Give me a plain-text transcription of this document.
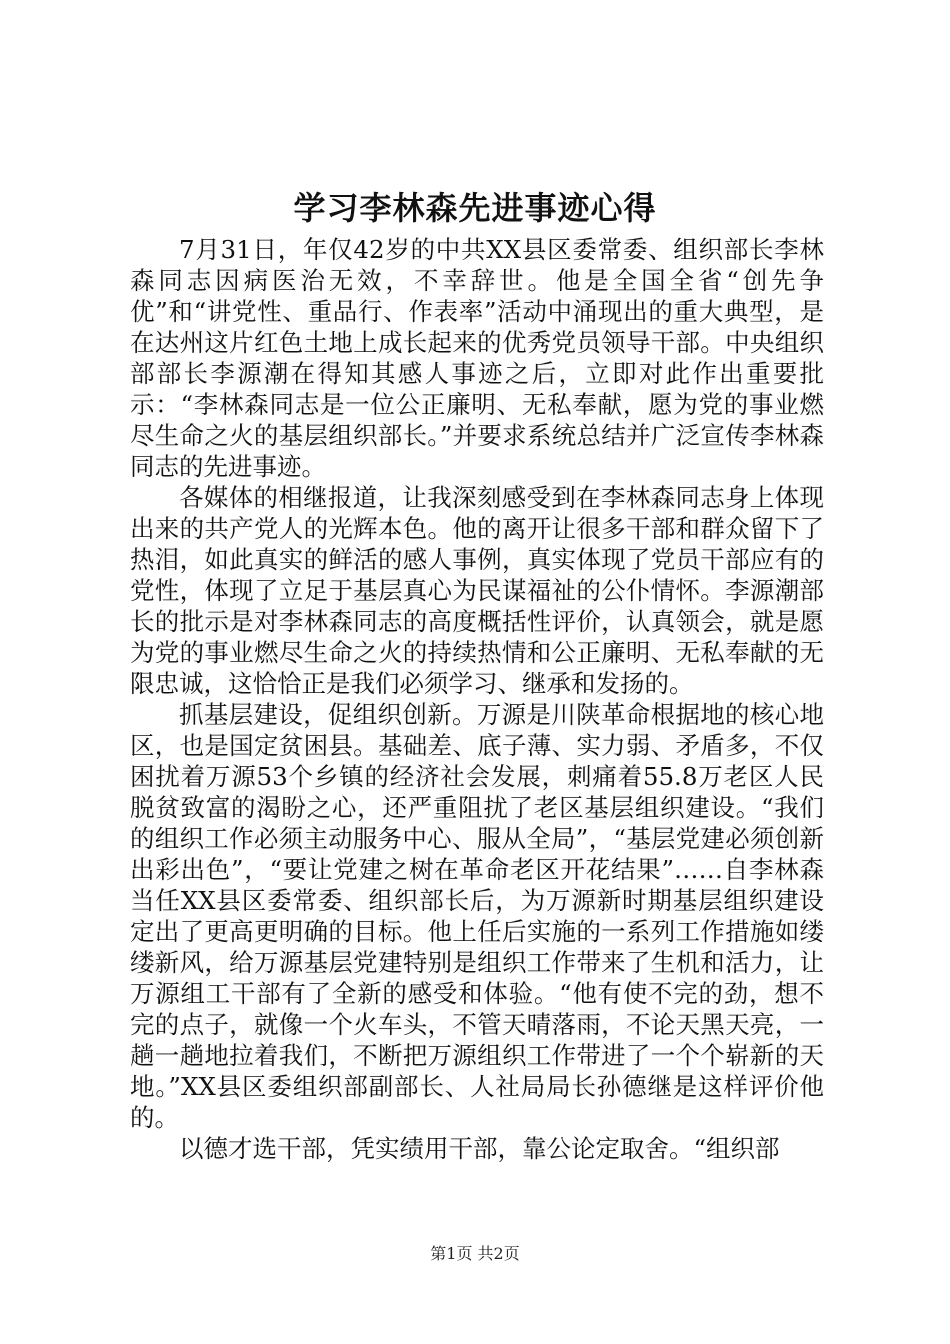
学习李林森先进事迹心得

7月31日，年仅42岁的中共XX县区委常委、组织部长李林森同志因病医治无效，不幸辞世。他是全国全省“创先争优”和“讲党性、重品行、作表率”活动中涌现出的重大典型，是在达州这片红色土地上成长起来的优秀党员领导干部。中央组织部部长李源潮在得知其感人事迹之后，立即对此作出重要批示：“李林森同志是一位公正廉明、无私奉献，愿为党的事业燃尽生命之火的基层组织部长。”并要求系统总结并广泛宣传李林森同志的先进事迹。

各媒体的相继报道，让我深刻感受到在李林森同志身上体现出来的共产党人的光辉本色。他的离开让很多干部和群众留下了热泪，如此真实的鲜活的感人事例，真实体现了党员干部应有的党性，体现了立足于基层真心为民谋福祉的公仆情怀。李源潮部长的批示是对李林森同志的高度概括性评价，认真领会，就是愿为党的事业燃尽生命之火的持续热情和公正廉明、无私奉献的无限忠诚，这恰恰正是我们必须学习、继承和发扬的。

抓基层建设，促组织创新。万源是川陕革命根据地的核心地区，也是国定贫困县。基础差、底子薄、实力弱、矛盾多，不仅困扰着万源53个乡镇的经济社会发展，刺痛着55.8万老区人民脱贫致富的渴盼之心，还严重阻扰了老区基层组织建设。“我们的组织工作必须主动服务中心、服从全局”，“基层党建必须创新出彩出色”，“要让党建之树在革命老区开花结果”……自李林森当任XX县区委常委、组织部长后，为万源新时期基层组织建设定出了更高更明确的目标。他上任后实施的一系列工作措施如缕缕新风，给万源基层党建特别是组织工作带来了生机和活力，让万源组工干部有了全新的感受和体验。“他有使不完的劲，想不完的点子，就像一个火车头，不管天晴落雨，不论天黑天亮，一趟一趟地拉着我们，不断把万源组织工作带进了一个个崭新的天地。”XX县区委组织部副部长、人社局局长孙德继是这样评价他的。

以德才选干部，凭实绩用干部，靠公论定取舍。“组织部

第1页 共2页
